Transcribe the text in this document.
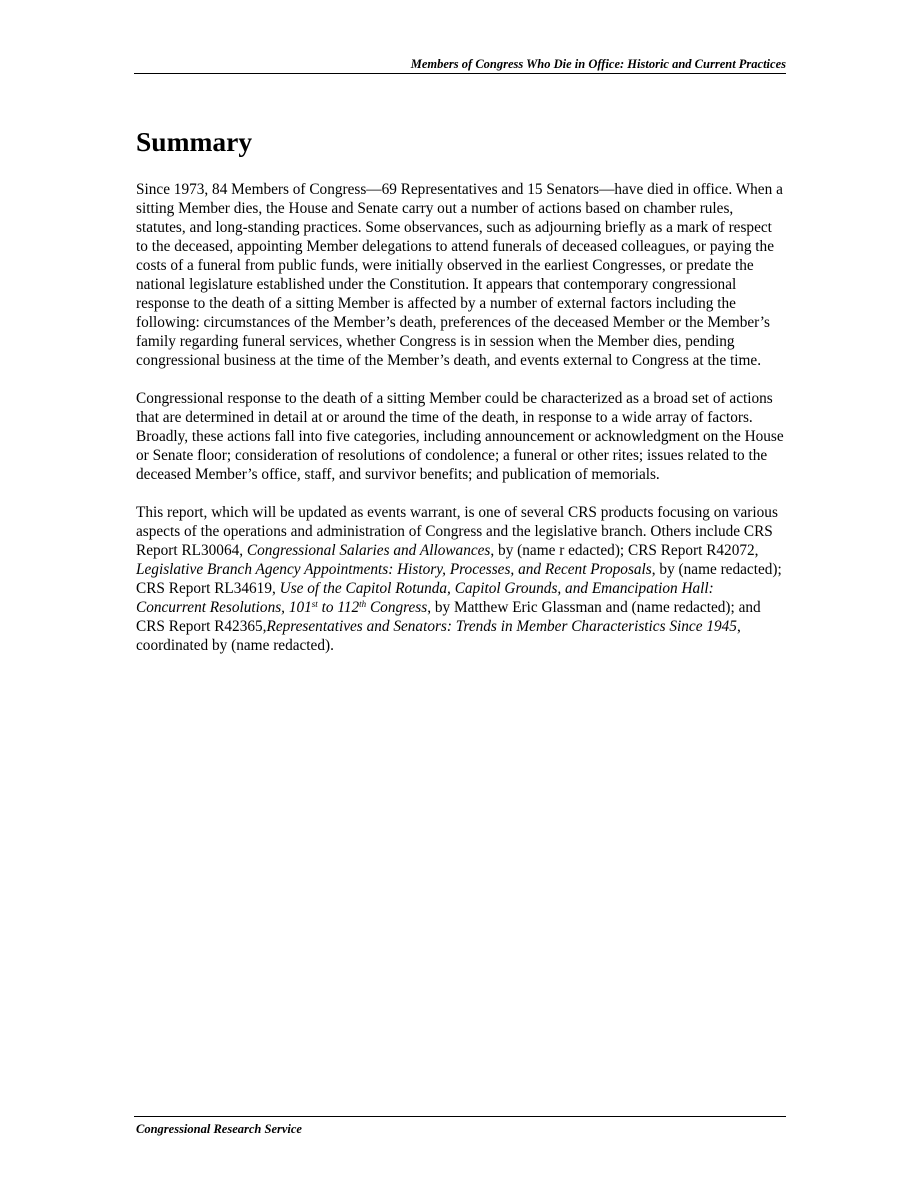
Members of Congress Who Die in Office: Historic and Current Practices
Summary

Since 1973, 84 Members of Congress—69 Representatives and 15 Senators—have died in office. When a sitting Member dies, the House and Senate carry out a number of actions based on chamber rules, statutes, and long-standing practices. Some observances, such as adjourning briefly as a mark of respect to the deceased, appointing Member delegations to attend funerals of deceased colleagues, or paying the costs of a funeral from public funds, were initially observed in the earliest Congresses, or predate the national legislature established under the Constitution. It appears that contemporary congressional response to the death of a sitting Member is affected by a number of external factors including the following: circumstances of the Member’s death, preferences of the deceased Member or the Member’s family regarding funeral services, whether Congress is in session when the Member dies, pending congressional business at the time of the Member’s death, and events external to Congress at the time.

Congressional response to the death of a sitting Member could be characterized as a broad set of actions that are determined in detail at or around the time of the death, in response to a wide array of factors. Broadly, these actions fall into five categories, including announcement or acknowledgment on the House or Senate floor; consideration of resolutions of condolence; a funeral or other rites; issues related to the deceased Member’s office, staff, and survivor benefits; and publication of memorials.

This report, which will be updated as events warrant, is one of several CRS products focusing on various aspects of the operations and administration of Congress and the legislative branch. Others include CRS Report RL30064, Congressional Salaries and Allowances, by (name r edacted); CRS Report R42072, Legislative Branch Agency Appointments: History, Processes, and Recent Proposals, by (name redacted); CRS Report RL34619, Use of the Capitol Rotunda, Capitol Grounds, and Emancipation Hall: Concurrent Resolutions, 101st to 112th Congress, by Matthew Eric Glassman and (name redacted); and CRS Report R42365,Representatives and Senators: Trends in Member Characteristics Since 1945, coordinated by (name redacted).

Congressional Research Service
